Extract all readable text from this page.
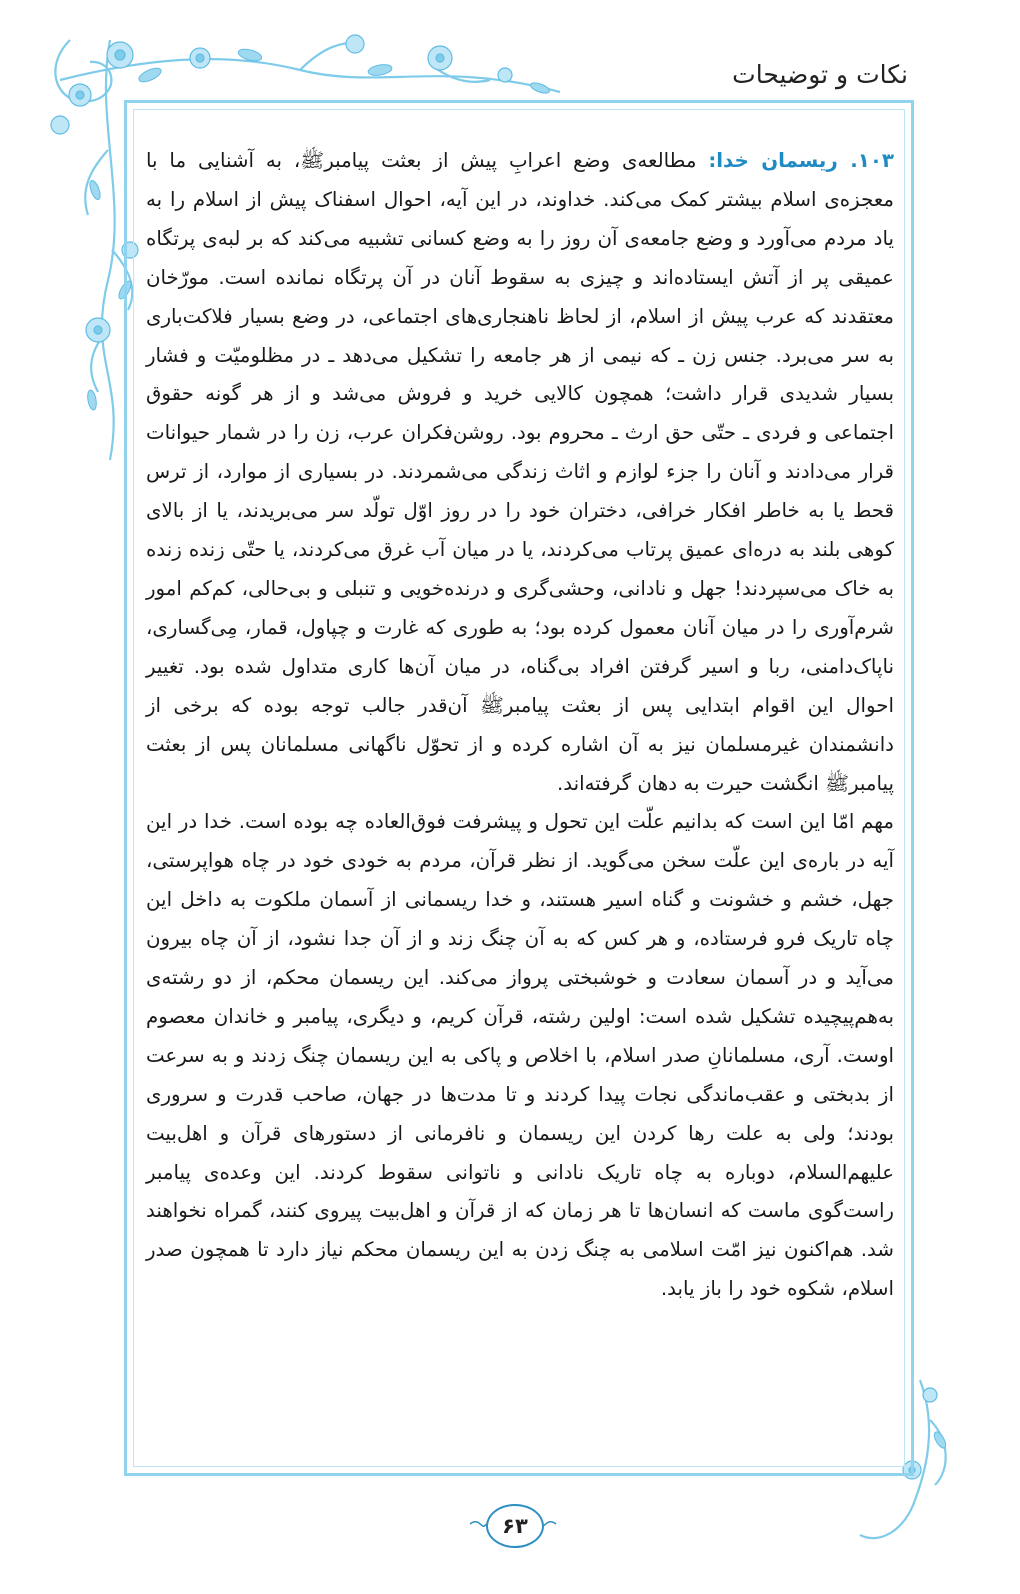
نکات و توضیحات

۱۰۳. ریسمان خدا: مطالعه‌ی وضع اعرابِ پیش از بعثت پیامبرﷺ، به آشنایی ما با معجزه‌ی اسلام بیشتر کمک می‌کند. خداوند، در این آیه، احوال اسفناک پیش از اسلام را به یاد مردم می‌آورد و وضع جامعه‌ی آن روز را به وضع کسانی تشبیه می‌کند که بر لبه‌ی پرتگاه عمیقی پر از آتش ایستاده‌اند و چیزی به سقوط آنان در آن پرتگاه نمانده است. مورّخان معتقدند که عرب پیش از اسلام، از لحاظ ناهنجاری‌های اجتماعی، در وضع بسیار فلاکت‌باری به سر می‌برد. جنس زن ـ که نیمی از هر جامعه را تشکیل می‌دهد ـ در مظلومیّت و فشار بسیار شدیدی قرار داشت؛ همچون کالایی خرید و فروش می‌شد و از هر گونه حقوق اجتماعی و فردی ـ حتّی حق ارث ـ محروم بود. روشن‌فکران عرب، زن را در شمار حیوانات قرار می‌دادند و آنان را جزء لوازم و اثاث زندگی می‌شمردند. در بسیاری از موارد، از ترس قحط یا به خاطر افکار خرافی، دختران خود را در روز اوّل تولّد سر می‌بریدند، یا از بالای کوهی بلند به دره‌ای عمیق پرتاب می‌کردند، یا در میان آب غرق می‌کردند، یا حتّی زنده زنده به خاک می‌سپردند! جهل و نادانی، وحشی‌گری و درنده‌خویی و تنبلی و بی‌حالی، کم‌کم امور شرم‌آوری را در میان آنان معمول کرده بود؛ به طوری که غارت و چپاول، قمار، مِی‌گساری، ناپاک‌دامنی، ربا و اسیر گرفتن افراد بی‌گناه، در میان آن‌ها کاری متداول شده بود. تغییر احوال این اقوام ابتدایی پس از بعثت پیامبرﷺ آن‌قدر جالب توجه بوده که برخی از دانشمندان غیرمسلمان نیز به آن اشاره کرده و از تحوّل ناگهانی مسلمانان پس از بعثت پیامبرﷺ انگشت حیرت به دهان گرفته‌اند.

مهم امّا این است که بدانیم علّت این تحول و پیشرفت فوق‌العاده چه بوده است. خدا در این آیه در باره‌ی این علّت سخن می‌گوید. از نظر قرآن، مردم به خودی خود در چاه هواپرستی، جهل، خشم و خشونت و گناه اسیر هستند، و خدا ریسمانی از آسمان ملکوت به داخل این چاه تاریک فرو فرستاده، و هر کس که به آن چنگ زند و از آن جدا نشود، از آن چاه بیرون می‌آید و در آسمان سعادت و خوشبختی پرواز می‌کند. این ریسمان محکم، از دو رشته‌ی به‌هم‌پیچیده تشکیل شده است: اولین رشته، قرآن کریم، و دیگری، پیامبر و خاندان معصوم اوست. آری، مسلمانانِ صدر اسلام، با اخلاص و پاکی به این ریسمان چنگ زدند و به سرعت از بدبختی و عقب‌ماندگی نجات پیدا کردند و تا مدت‌ها در جهان، صاحب قدرت و سروری بودند؛ ولی به علت رها کردن این ریسمان و نافرمانی از دستورهای قرآن و اهل‌بیت علیهم‌السلام، دوباره به چاه تاریک نادانی و ناتوانی سقوط کردند. این وعده‌ی پیامبر راست‌گوی ماست که انسان‌ها تا هر زمان که از قرآن و اهل‌بیت پیروی کنند، گمراه نخواهند شد. هم‌اکنون نیز امّت اسلامی به چنگ زدن به این ریسمان محکم نیاز دارد تا همچون صدر اسلام، شکوه خود را باز یابد.

۶۳
